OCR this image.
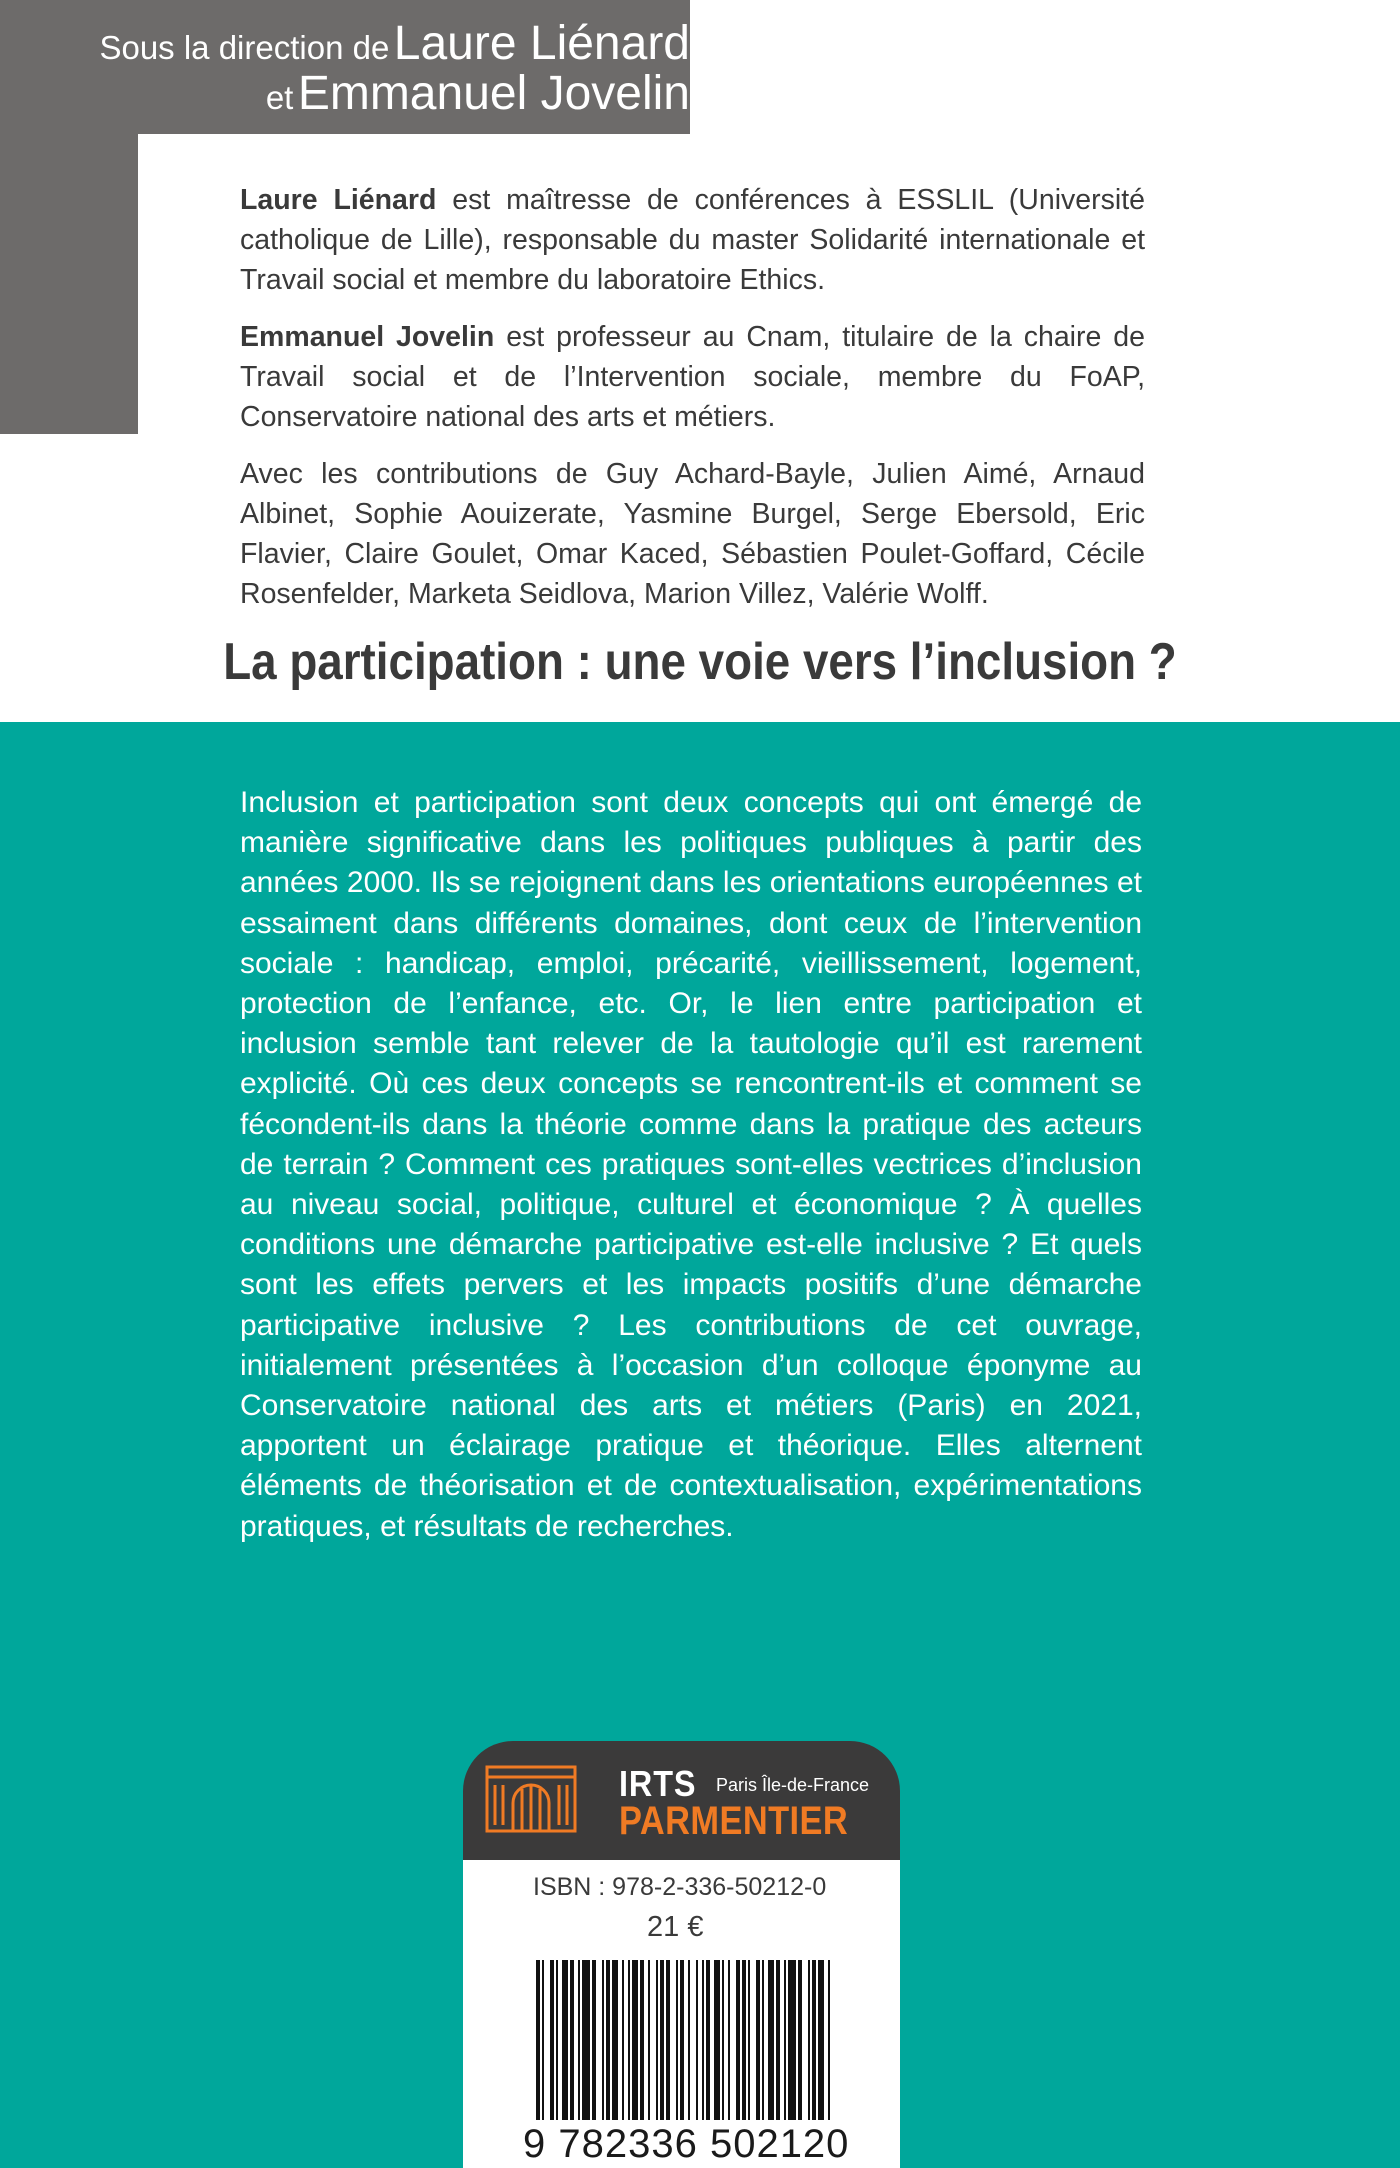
Sous la direction de Laure Liénard
et Emmanuel Jovelin

Laure Liénard est maîtresse de conférences à ESSLIL (Université catholique de Lille), responsable du master Solidarité internationale et Travail social et membre du laboratoire Ethics.

Emmanuel Jovelin est professeur au Cnam, titulaire de la chaire de Travail social et de l’Intervention sociale, membre du FoAP, Conservatoire national des arts et métiers.

Avec les contributions de Guy Achard-Bayle, Julien Aimé, Arnaud Albinet, Sophie Aouizerate, Yasmine Burgel, Serge Ebersold, Eric Flavier, Claire Goulet, Omar Kaced, Sébastien Poulet-Goffard, Cécile Rosenfelder, Marketa Seidlova, Marion Villez, Valérie Wolff.

La participation : une voie vers l’inclusion ?

Inclusion et participation sont deux concepts qui ont émergé de manière significative dans les politiques publiques à partir des années 2000. Ils se rejoignent dans les orientations européennes et essaiment dans différents domaines, dont ceux de l’intervention sociale : handicap, emploi, précarité, vieillissement, logement, protection de l’enfance, etc. Or, le lien entre participation et inclusion semble tant relever de la tautologie qu’il est rarement explicité. Où ces deux concepts se rencontrent-ils et comment se fécondent-ils dans la théorie comme dans la pratique des acteurs de terrain ? Comment ces pratiques sont-elles vectrices d’inclusion au niveau social, politique, culturel et économique ? À quelles conditions une démarche participative est-elle inclusive ? Et quels sont les effets pervers et les impacts positifs d’une démarche participative inclusive ? Les contributions de cet ouvrage, initialement présentées à l’occasion d’un colloque éponyme au Conservatoire national des arts et métiers (Paris) en 2021, apportent un éclairage pratique et théorique. Elles alternent éléments de théorisation et de contextualisation, expérimentations pratiques, et résultats de recherches.

IRTS Paris Île-de-France
PARMENTIER
ISBN : 978-2-336-50212-0
21 €
9 782336 502120
